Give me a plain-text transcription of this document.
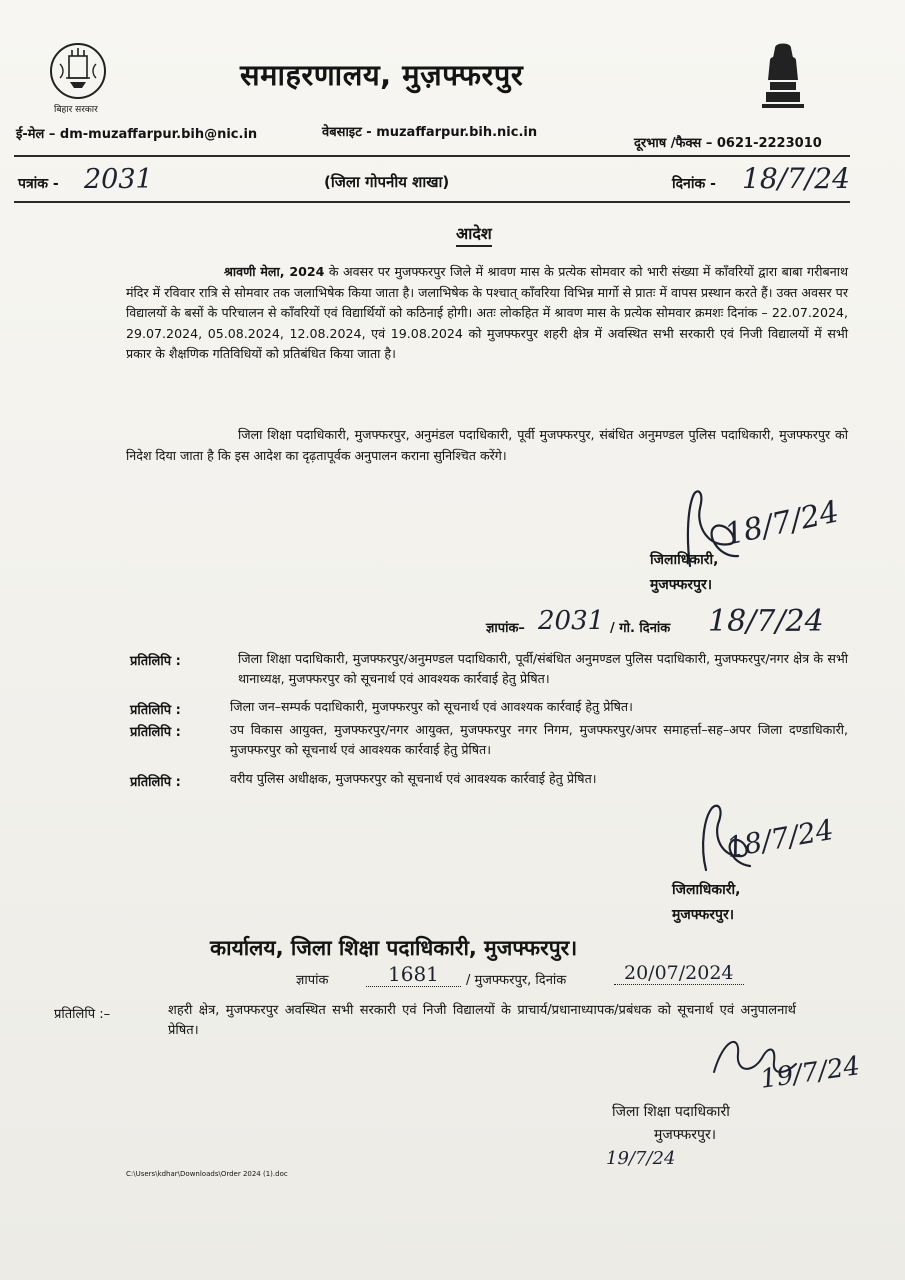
बिहार सरकार
समाहरणालय, मुज़फ्फरपुर
ई-मेल – dm-muzaffarpur.bih@nic.in	वेबसाइट - muzaffarpur.bih.nic.in
दूरभाष /फैक्स – 0621-2223010
पत्रांक - 2031	(जिला गोपनीय शाखा)	दिनांक - 18/7/24
आदेश
श्रावणी मेला, 2024 के अवसर पर मुजफ्फरपुर जिले में श्रावण मास के प्रत्येक सोमवार को भारी संख्या में काँवरियों द्वारा बाबा गरीबनाथ मंदिर में रविवार रात्रि से सोमवार तक जलाभिषेक किया जाता है। जलाभिषेक के पश्चात् काँवरिया विभिन्न मार्गो से प्रातः में वापस प्रस्थान करते हैं। उक्त अवसर पर विद्यालयों के बसों के परिचालन से काँवरियों एवं विद्यार्थियों को कठिनाई होगी। अतः लोकहित में श्रावण मास के प्रत्येक सोमवार क्रमशः दिनांक – 22.07.2024, 29.07.2024, 05.08.2024, 12.08.2024, एवं 19.08.2024 को मुजफ्फरपुर शहरी क्षेत्र में अवस्थित सभी सरकारी एवं निजी विद्यालयों में सभी प्रकार के शैक्षणिक गतिविधियों को प्रतिबंधित किया जाता है।
जिला शिक्षा पदाधिकारी, मुजफ्फरपुर, अनुमंडल पदाधिकारी, पूर्वी मुजफ्फरपुर, संबंधित अनुमण्डल पुलिस पदाधिकारी, मुजफ्फरपुर को निदेश दिया जाता है कि इस आदेश का दृढ़तापूर्वक अनुपालन कराना सुनिश्चित करेंगे।
18/7/24
जिलाधिकारी,
मुजफ्फरपुर।
ज्ञापांक– 2031 / गो. दिनांक 18/7/24
प्रतिलिपि :	जिला शिक्षा पदाधिकारी, मुजफ्फरपुर/अनुमण्डल पदाधिकारी, पूर्वी/संबंधित अनुमण्डल पुलिस पदाधिकारी, मुजफ्फरपुर/नगर क्षेत्र के सभी थानाध्यक्ष, मुजफ्फरपुर को सूचनार्थ एवं आवश्यक कार्रवाई हेतु प्रेषित।
प्रतिलिपि :	जिला जन–सम्पर्क पदाधिकारी, मुजफ्फरपुर को सूचनार्थ एवं आवश्यक कार्रवाई हेतु प्रेषित।
प्रतिलिपि :	उप विकास आयुक्त, मुजफ्फरपुर/नगर आयुक्त, मुजफ्फरपुर नगर निगम, मुजफ्फरपुर/अपर समाहर्त्ता–सह–अपर जिला दण्डाधिकारी, मुजफ्फरपुर को सूचनार्थ एवं आवश्यक कार्रवाई हेतु प्रेषित।
प्रतिलिपि :	वरीय पुलिस अधीक्षक, मुजफ्फरपुर को सूचनार्थ एवं आवश्यक कार्रवाई हेतु प्रेषित।
18/7/24
जिलाधिकारी,
मुजफ्फरपुर।
कार्यालय, जिला शिक्षा पदाधिकारी, मुजफ्फरपुर।
ज्ञापांक	1681	/ मुजफ्फरपुर, दिनांक	20/07/2024
प्रतिलिपि :–	शहरी क्षेत्र, मुजफ्फरपुर अवस्थित सभी सरकारी एवं निजी विद्यालयों के प्राचार्य/प्रधानाध्यापक/प्रबंधक को सूचनार्थ एवं अनुपालनार्थ प्रेषित।
19/7/24
जिला शिक्षा पदाधिकारी
मुजफ्फरपुर।
19/7/24
C:\Users\kdhar\Downloads\Order 2024 (1).doc
